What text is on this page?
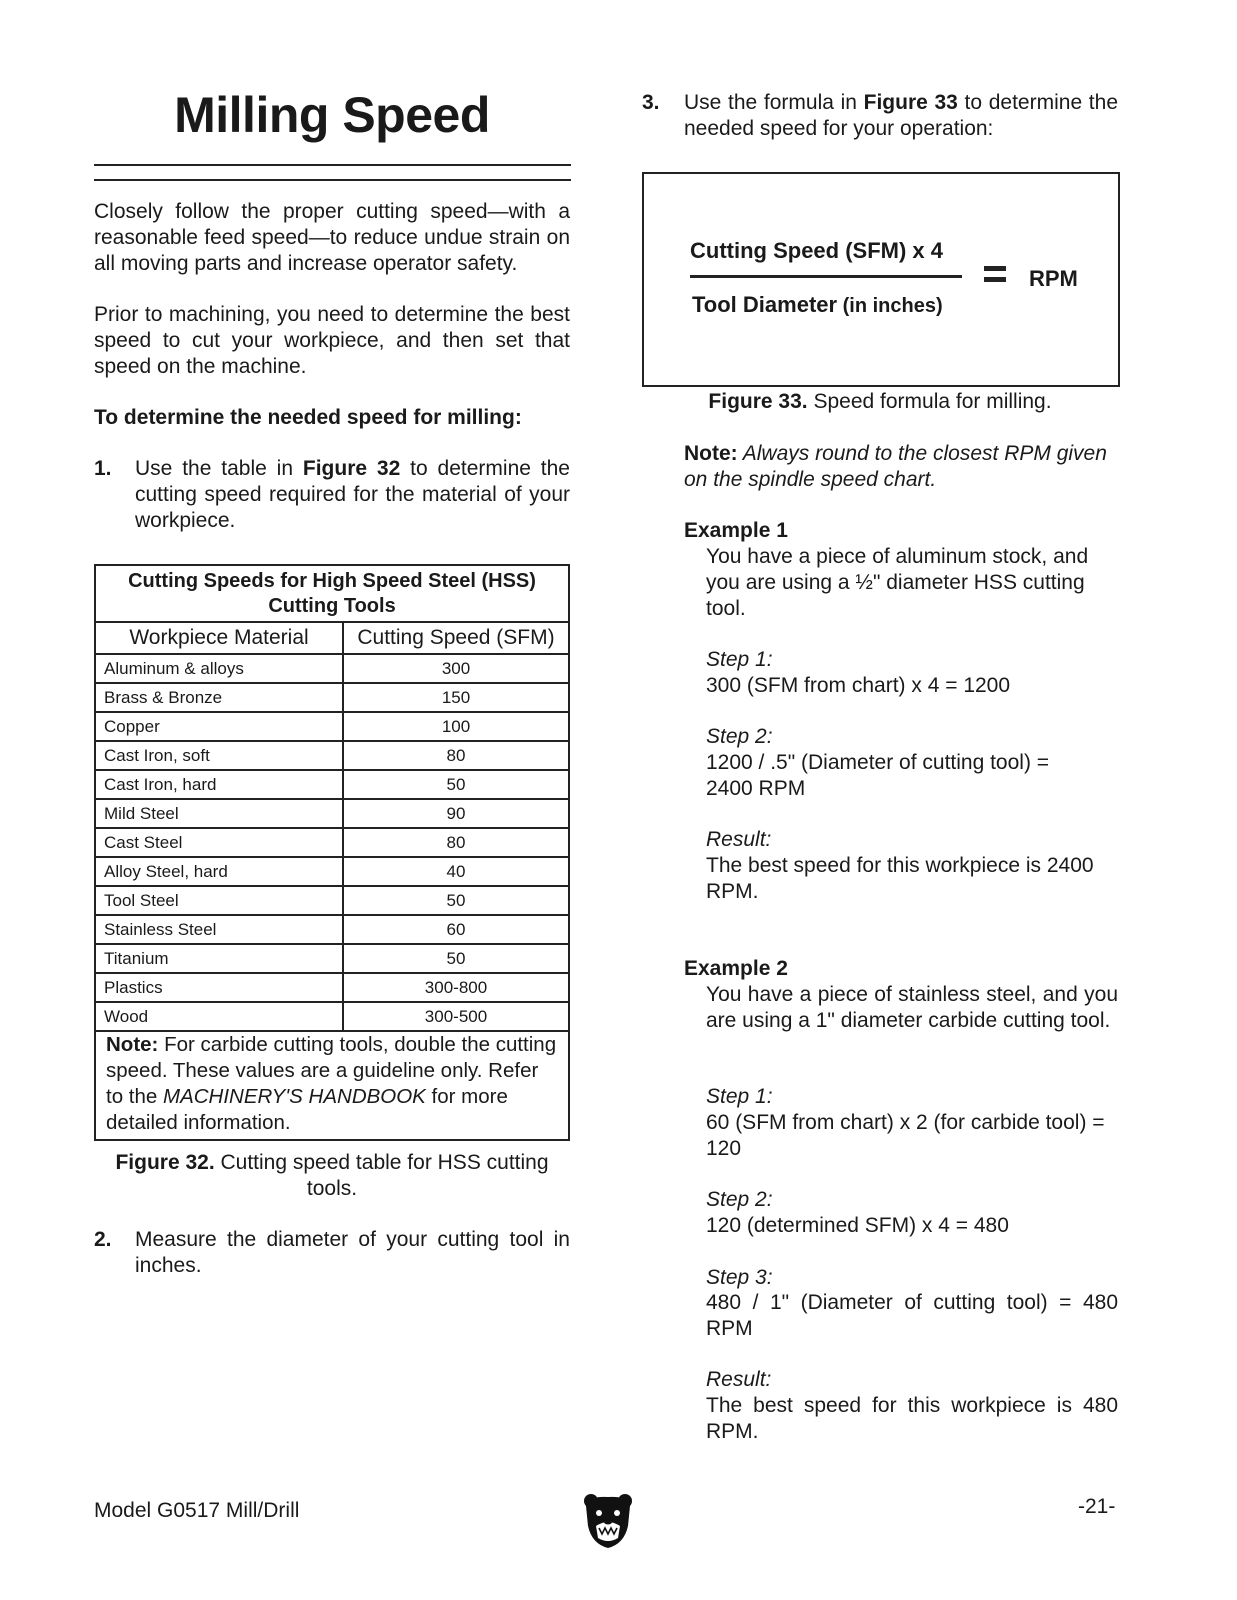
Milling Speed
Closely follow the proper cutting speed—with a reasonable feed speed—to reduce undue strain on all moving parts and increase operator safety.
Prior to machining, you need to determine the best speed to cut your workpiece, and then set that speed on the machine.
To determine the needed speed for milling:
1. Use the table in Figure 32 to determine the cutting speed required for the material of your workpiece.
Cutting Speeds for High Speed Steel (HSS)
Cutting Tools	
Workpiece Material	Cutting Speed (SFM)
Aluminum & alloys	300
Brass & Bronze	150
Copper	100
Cast Iron, soft	80
Cast Iron, hard	50
Mild Steel	90
Cast Steel	80
Alloy Steel, hard	40
Tool Steel	50
Stainless Steel	60
Titanium	50
Plastics	300-800
Wood	300-500
Note: For carbide cutting tools, double the cutting speed. These values are a guideline only. Refer to the MACHINERY'S HANDBOOK for more detailed information.	
Figure 32. Cutting speed table for HSS cutting tools.
2. Measure the diameter of your cutting tool in inches.
3. Use the formula in Figure 33 to determine the needed speed for your operation:
Cutting Speed (SFM) x 4
Tool Diameter (in inches)
RPM
Figure 33. Speed formula for milling.
Note: Always round to the closest RPM given on the spindle speed chart.
Example 1
You have a piece of aluminum stock, and you are using a ½" diameter HSS cutting tool.
Step 1:
300 (SFM from chart) x 4 = 1200
Step 2:
1200 / .5" (Diameter of cutting tool) = 2400 RPM
Result:
The best speed for this workpiece is 2400 RPM.
Example 2
You have a piece of stainless steel, and you are using a 1" diameter carbide cutting tool.
Step 1:
60 (SFM from chart) x 2 (for carbide tool) = 120
Step 2:
120 (determined SFM) x 4 = 480
Step 3:
480 / 1" (Diameter of cutting tool) = 480 RPM
Result:
The best speed for this workpiece is 480 RPM.
Model G0517 Mill/Drill	-21-
